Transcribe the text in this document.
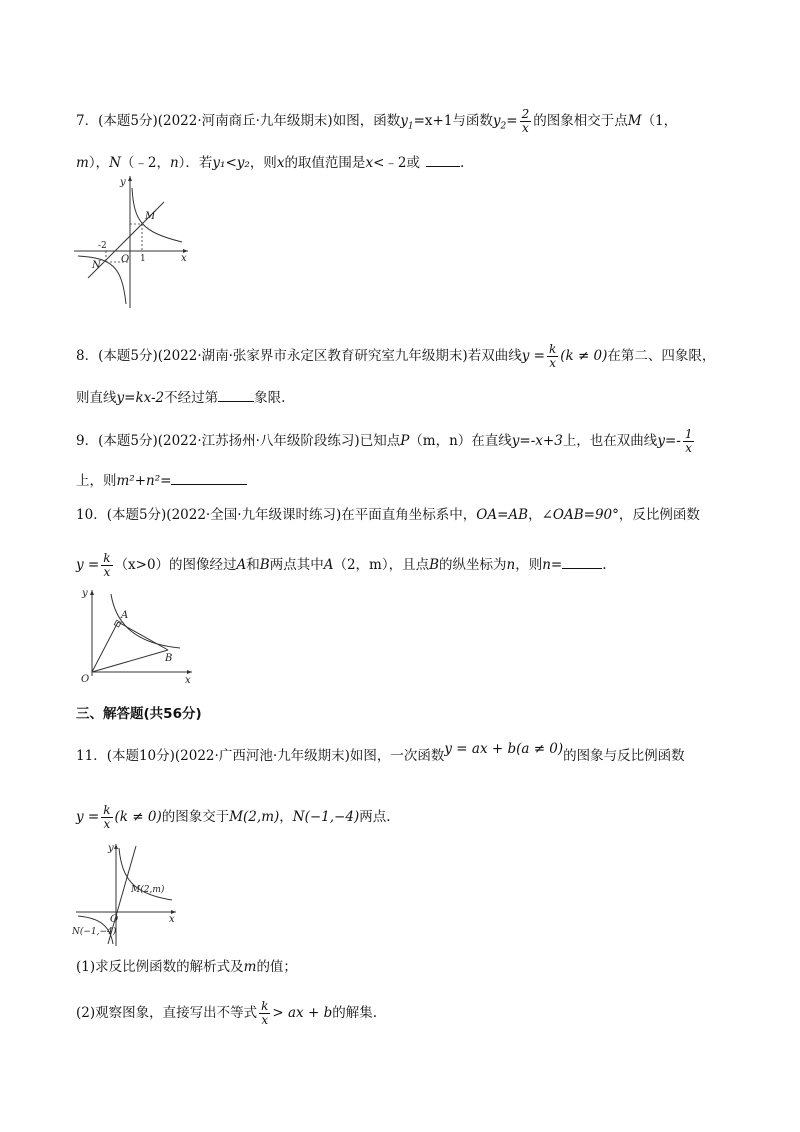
7．(本题5分)(2022·河南商丘·九年级期末)如图，函数$y_1=x+1$与函数$y_2= \frac{2}{x}$ 的图象相交于点M（1，
m），N（﹣2，n）．若y₁<y₂，则x的取值范围是x<﹣2或	.
y
x
O 1
-2
M
N
8．(本题5分)(2022·湖南·张家界市永定区教育研究室九年级期末)若双曲线$y = \frac{k}{x} (k \ne 0)$在第二、四象限，
则直线y=kx-2不经过第	象限.
9．(本题5分)(2022·江苏扬州·八年级阶段练习)已知点P（m，n）在直线y=-x+3上，也在双曲线$y=- \frac{1}{x}$
上，则m²+n²=
10．(本题5分)(2022·全国·九年级课时练习)在平面直角坐标系中，OA=AB，∠OAB=90°，反比例函数
$y = \frac{k}{x} (x>0)$的图像经过A和B两点其中A（2，m），且点B的纵坐标为n，则n=	.
y
x
O
A
B
三、解答题(共56分)
11．(本题10分)(2022·广西河池·九年级期末)如图，一次函数y = ax + b(a ≠ 0)的图象与反比例函数
$y = \frac{k}{x} (k \ne 0)$的图象交于M(2,m)，N(−1,−4)两点.
y
x
O
M(2,m)
N(−1,−4)
(1)求反比例函数的解析式及m的值；
(2)观察图象，直接写出不等式 $\frac{k}{x}$ > ax + b的解集.
